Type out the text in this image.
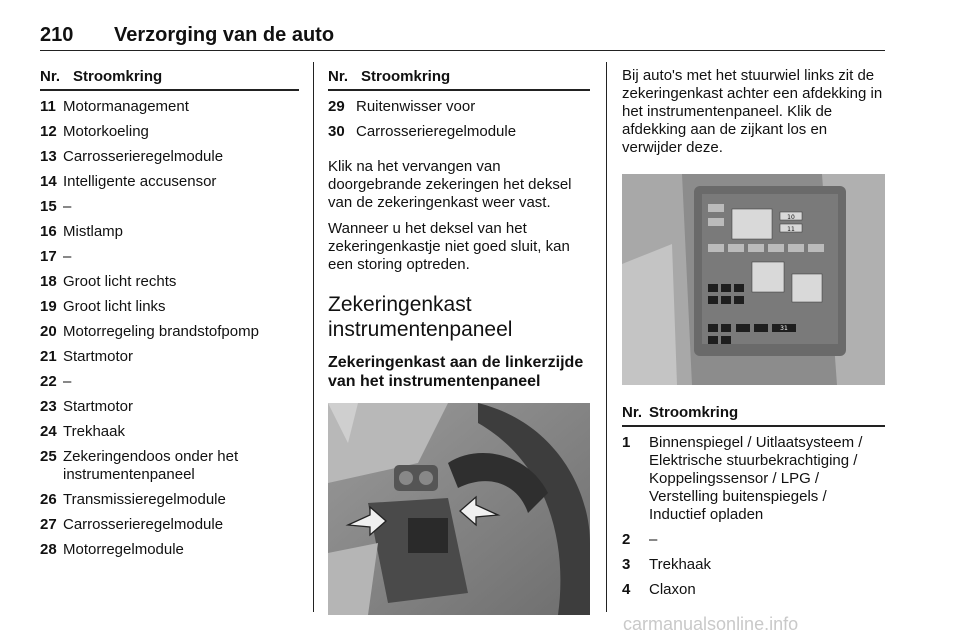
210 Verzorging van de auto
Nr. Stroomkring
11 Motormanagement
12 Motorkoeling
13 Carrosserieregelmodule
14 Intelligente accusensor
15 –
16 Mistlamp
17 –
18 Groot licht rechts
19 Groot licht links
20 Motorregeling brandstofpomp
21 Startmotor
22 –
23 Startmotor
24 Trekhaak
25 Zekeringendoos onder het instrumentenpaneel
26 Transmissieregelmodule
27 Carrosserieregelmodule
28 Motorregelmodule
Nr. Stroomkring
29 Ruitenwisser voor
30 Carrosserieregelmodule

Klik na het vervangen van doorgebrande zekeringen het deksel van de zekeringenkast weer vast.

Wanneer u het deksel van het zekeringenkastje niet goed sluit, kan een storing optreden.

Zekeringenkast instrumentenpaneel
Zekeringenkast aan de linkerzijde van het instrumentenpaneel

Bij auto's met het stuurwiel links zit de zekeringenkast achter een afdekking in het instrumentenpaneel. Klik de afdekking aan de zijkant los en verwijder deze.

10
11
31
Nr. Stroomkring
1	Binnenspiegel / Uitlaatsysteem / Elektrische stuurbekrachtiging / Koppelingssensor / LPG / Verstelling buitenspiegels / Inductief opladen
2	–
3	Trekhaak
4	Claxon
carmanualsonline.info
